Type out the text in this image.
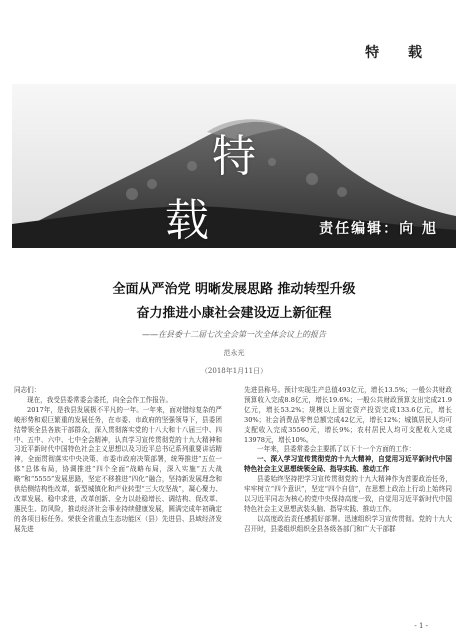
特 载
特 载	责任编辑：向 旭
全面从严治党 明晰发展思路 推动转型升级
奋力推进小康社会建设迈上新征程
——在县委十二届七次全会第一次全体会议上的报告
范永光
（2018年1月11日）

同志们：

现在，我受县委常委会委托，向全会作工作报告。

2017年，是我县发展极不平凡的一年。一年来，面对错综复杂的严峻形势和艰巨繁重的发展任务，在市委、市政府的坚强领导下，县委团结带领全县各族干部群众，深入贯彻落实党的十八大和十八届三中、四中、五中、六中、七中全会精神，认真学习宣传贯彻党的十九大精神和习近平新时代中国特色社会主义思想以及习近平总书记系列重要讲话精神，全面贯彻落实中央决策、市委市政府决策部署，统筹推进“五位一体”总体布局，协调推进“四个全面”战略布局，深入实施“五大战略”和“5555”发展思路，坚定不移推进“四化”融合，坚持新发展理念和供给侧结构性改革，新型城镇化和产业转型“三大攻坚战”，凝心聚力、改革发展、稳中求进，改革创新、全力以赴稳增长、调结构、促改革、惠民生、防风险，推动经济社会事业持续健康发展，圆满完成年初确定的各项目标任务。荣获全省重点生态功能区（县）先进县、县域经济发展先进

先进县称号。预计实现生产总值493亿元，增长13.5%；一般公共财政预算收入完成8.8亿元，增长19.6%；一般公共财政预算支出完成21.9亿元，增长53.2%；规模以上固定资产投资完成133.6亿元，增长30%；社会消费品零售总额完成42亿元，增长12%；城镇居民人均可支配收入完成35560元，增长9%；农村居民人均可支配收入完成13978元，增长10%。

一年来，县委常委会主要抓了以下十一个方面的工作：

一、深入学习宣传贯彻党的十九大精神，自觉用习近平新时代中国特色社会主义思想统领全局、指导实践、推动工作

县委始终坚持把学习宣传贯彻党的十九大精神作为首要政治任务，牢牢树立“四个意识”，坚定“四个自信”，在思想上政治上行动上始终同以习近平同志为核心的党中央保持高度一致，自觉用习近平新时代中国特色社会主义思想武装头脑、指导实践、推动工作。

以高度政治责任感抓好部署。迅速组织学习宣传贯彻。党的十九大召开时，县委组织组织全县各级各部门和广大干部群

- 1 -
